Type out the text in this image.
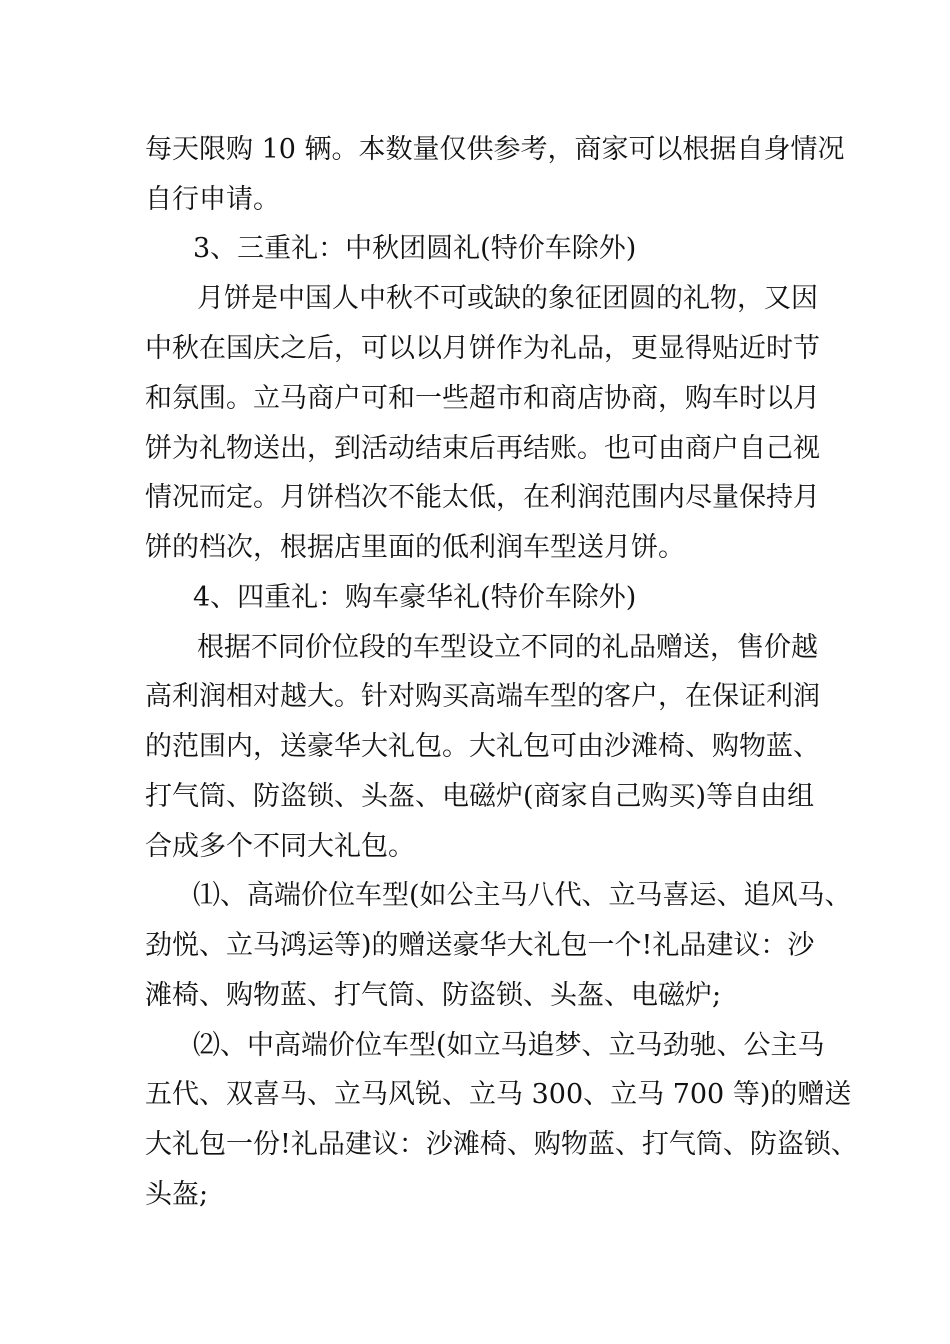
每天限购 10 辆。本数量仅供参考，商家可以根据自身情况
自行申请。
3、三重礼：中秋团圆礼(特价车除外)
月饼是中国人中秋不可或缺的象征团圆的礼物，又因
中秋在国庆之后，可以以月饼作为礼品，更显得贴近时节
和氛围。立马商户可和一些超市和商店协商，购车时以月
饼为礼物送出，到活动结束后再结账。也可由商户自己视
情况而定。月饼档次不能太低，在利润范围内尽量保持月
饼的档次，根据店里面的低利润车型送月饼。
4、四重礼：购车豪华礼(特价车除外)
根据不同价位段的车型设立不同的礼品赠送，售价越
高利润相对越大。针对购买高端车型的客户，在保证利润
的范围内，送豪华大礼包。大礼包可由沙滩椅、购物蓝、
打气筒、防盗锁、头盔、电磁炉(商家自己购买)等自由组
合成多个不同大礼包。
⑴、高端价位车型(如公主马八代、立马喜运、追风马、
劲悦、立马鸿运等)的赠送豪华大礼包一个!礼品建议：沙
滩椅、购物蓝、打气筒、防盗锁、头盔、电磁炉;
⑵、中高端价位车型(如立马追梦、立马劲驰、公主马
五代、双喜马、立马风锐、立马 300、立马 700 等)的赠送
大礼包一份!礼品建议：沙滩椅、购物蓝、打气筒、防盗锁、
头盔;
